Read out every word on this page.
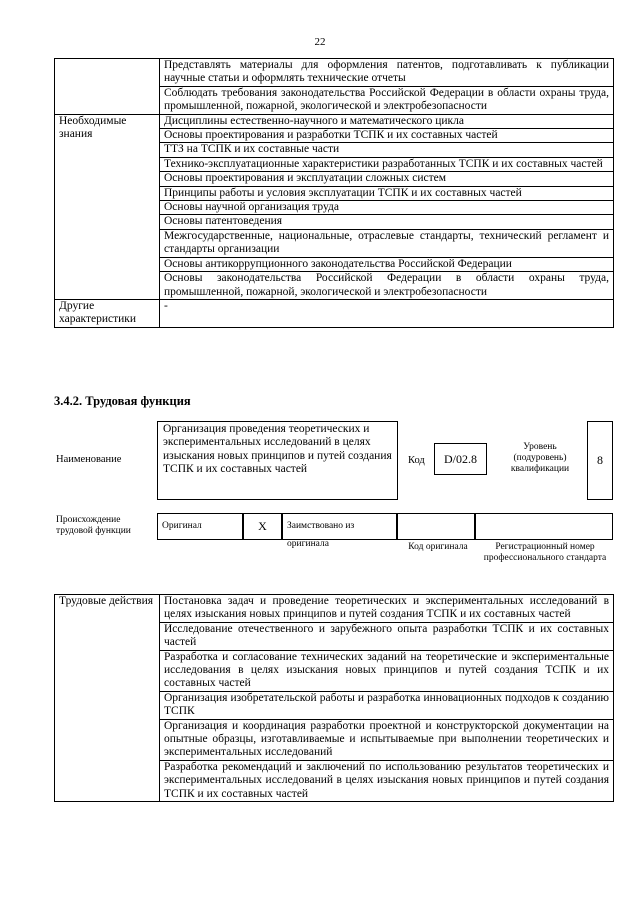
22
	Представлять материалы для оформления патентов, подготавливать к публикации научные статьи и оформлять технические отчеты
	Соблюдать требования законодательства Российской Федерации в области охраны труда, промышленной, пожарной, экологической и электробезопасности
Необходимые знания	Дисциплины естественно-научного и математического цикла
	Основы проектирования и разработки ТСПК и их составных частей
	ТТЗ на ТСПК и их составные части
	Технико-эксплуатационные характеристики разработанных ТСПК и их составных частей
	Основы проектирования и эксплуатации сложных систем
	Принципы работы и условия эксплуатации ТСПК и их составных частей
	Основы научной организация труда
	Основы патентоведения
	Межгосударственные, национальные, отраслевые стандарты, технический регламент и стандарты организации
	Основы антикоррупционного законодательства Российской Федерации
	Основы законодательства Российской Федерации в области охраны труда, промышленной, пожарной, экологической и электробезопасности
Другие характеристики	-
3.4.2. Трудовая функция
Наименование
Организация проведения теоретических и экспериментальных исследований в целях изыскания новых принципов и путей создания ТСПК и их составных частей
Код	D/02.8
Уровень (подуровень) квалификации
8
Происхождение трудовой функции	Оригинал	X	Заимствовано из оригинала	Код оригинала	Регистрационный номер профессионального стандарта
Трудовые действия	Постановка задач и проведение теоретических и экспериментальных исследований в целях изыскания новых принципов и путей создания ТСПК и их составных частей
Исследование отечественного и зарубежного опыта разработки ТСПК и их составных частей
Разработка и согласование технических заданий на теоретические и экспериментальные исследования в целях изыскания новых принципов и путей создания ТСПК и их составных частей
Организация изобретательской работы и разработка инновационных подходов к созданию ТСПК
Организация и координация разработки проектной и конструкторской документации на опытные образцы, изготавливаемые и испытываемые при выполнении теоретических и экспериментальных исследований
Разработка рекомендаций и заключений по использованию результатов теоретических и экспериментальных исследований в целях изыскания новых принципов и путей создания ТСПК и их составных частей
